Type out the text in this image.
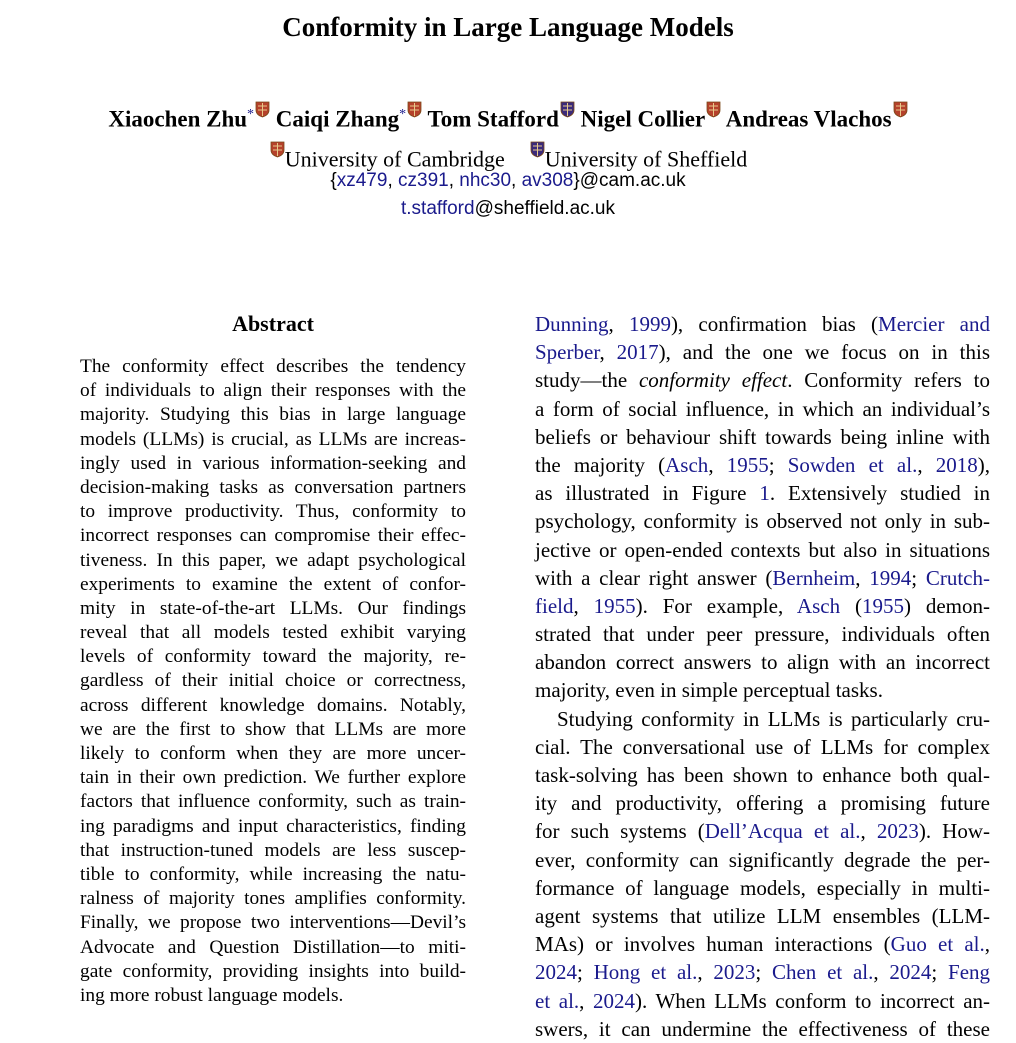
Conformity in Large Language Models
Xiaochen Zhu* Caiqi Zhang* Tom Stafford Nigel Collier Andreas Vlachos
University of Cambridge University of Sheffield
{xz479, cz391, nhc30, av308}@cam.ac.uk
t.stafford@sheffield.ac.uk
Abstract
The conformity effect describes the tendency
of individuals to align their responses with the
majority. Studying this bias in large language
models (LLMs) is crucial, as LLMs are increas-
ingly used in various information-seeking and
decision-making tasks as conversation partners
to improve productivity. Thus, conformity to
incorrect responses can compromise their effec-
tiveness. In this paper, we adapt psychological
experiments to examine the extent of confor-
mity in state-of-the-art LLMs. Our findings
reveal that all models tested exhibit varying
levels of conformity toward the majority, re-
gardless of their initial choice or correctness,
across different knowledge domains. Notably,
we are the first to show that LLMs are more
likely to conform when they are more uncer-
tain in their own prediction. We further explore
factors that influence conformity, such as train-
ing paradigms and input characteristics, finding
that instruction-tuned models are less suscep-
tible to conformity, while increasing the natu-
ralness of majority tones amplifies conformity.
Finally, we propose two interventions—Devil’s
Advocate and Question Distillation—to miti-
gate conformity, providing insights into build-
ing more robust language models.
Dunning, 1999), confirmation bias (Mercier and
Sperber, 2017), and the one we focus on in this
study—the conformity effect. Conformity refers to
a form of social influence, in which an individual’s
beliefs or behaviour shift towards being inline with
the majority (Asch, 1955; Sowden et al., 2018),
as illustrated in Figure 1. Extensively studied in
psychology, conformity is observed not only in sub-
jective or open-ended contexts but also in situations
with a clear right answer (Bernheim, 1994; Crutch-
field, 1955). For example, Asch (1955) demon-
strated that under peer pressure, individuals often
abandon correct answers to align with an incorrect
majority, even in simple perceptual tasks.
Studying conformity in LLMs is particularly cru-
cial. The conversational use of LLMs for complex
task-solving has been shown to enhance both qual-
ity and productivity, offering a promising future
for such systems (Dell’Acqua et al., 2023). How-
ever, conformity can significantly degrade the per-
formance of language models, especially in multi-
agent systems that utilize LLM ensembles (LLM-
MAs) or involves human interactions (Guo et al.,
2024; Hong et al., 2023; Chen et al., 2024; Feng
et al., 2024). When LLMs conform to incorrect an-
swers, it can undermine the effectiveness of these
